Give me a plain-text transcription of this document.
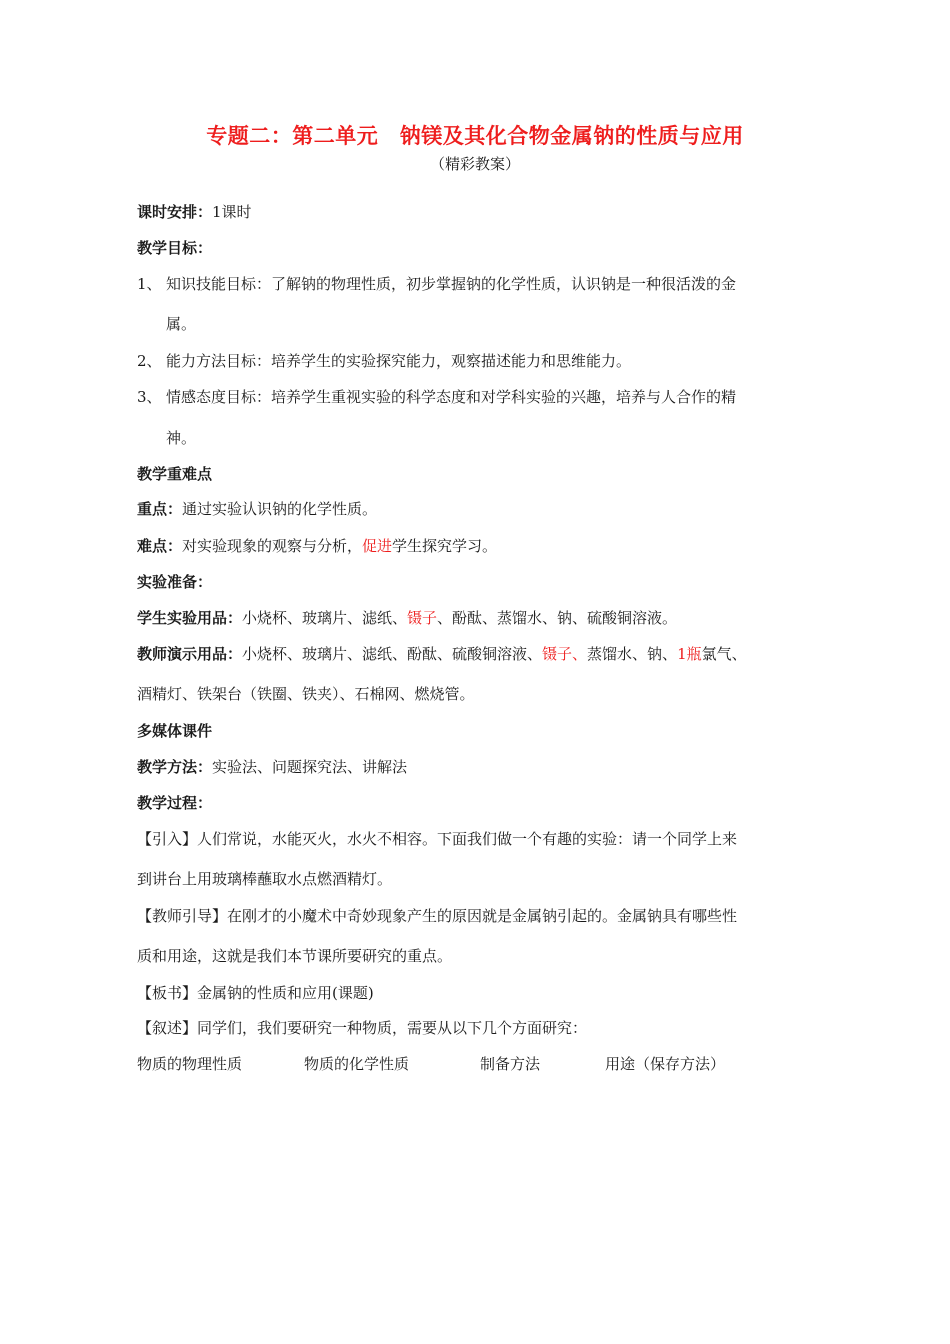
专题二：第二单元　钠镁及其化合物金属钠的性质与应用
（精彩教案）
课时安排：1课时
教学目标：
1、 知识技能目标：了解钠的物理性质，初步掌握钠的化学性质，认识钠是一种很活泼的金
属。
2、 能力方法目标：培养学生的实验探究能力，观察描述能力和思维能力。
3、 情感态度目标：培养学生重视实验的科学态度和对学科实验的兴趣，培养与人合作的精
神。
教学重难点
重点：通过实验认识钠的化学性质。
难点：对实验现象的观察与分析，促进学生探究学习。
实验准备：
学生实验用品：小烧杯、玻璃片、滤纸、镊子、酚酞、蒸馏水、钠、硫酸铜溶液。
教师演示用品：小烧杯、玻璃片、滤纸、酚酞、硫酸铜溶液、镊子、蒸馏水、钠、1瓶氯气、
酒精灯、铁架台（铁圈、铁夹）、石棉网、燃烧管。
多媒体课件
教学方法：实验法、问题探究法、讲解法
教学过程：
【引入】人们常说，水能灭火，水火不相容。下面我们做一个有趣的实验：请一个同学上来
到讲台上用玻璃棒蘸取水点燃酒精灯。
【教师引导】在刚才的小魔术中奇妙现象产生的原因就是金属钠引起的。金属钠具有哪些性
质和用途，这就是我们本节课所要研究的重点。
【板书】金属钠的性质和应用(课题)
【叙述】同学们，我们要研究一种物质，需要从以下几个方面研究：
物质的物理性质	物质的化学性质	制备方法	用途（保存方法）
